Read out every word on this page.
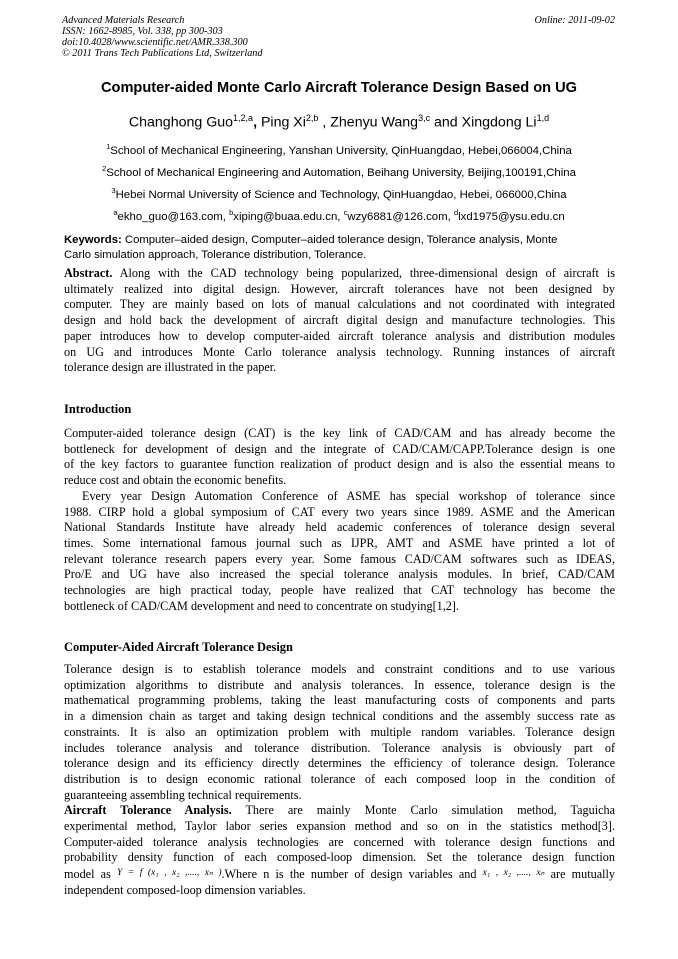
Advanced Materials Research
ISSN: 1662-8985, Vol. 338, pp 300-303
doi:10.4028/www.scientific.net/AMR.338.300
© 2011 Trans Tech Publications Ltd, Switzerland
Online: 2011-09-02
Computer-aided Monte Carlo Aircraft Tolerance Design Based on UG
Changhong Guo$^{1,2,a}$, Ping Xi$^{2,b}$ , Zhenyu Wang$^{3,c}$ and Xingdong Li$^{1,d}$
$^1$School of Mechanical Engineering, Yanshan University, QinHuangdao, Hebei,066004,China
$^2$School of Mechanical Engineering and Automation, Beihang University, Beijing,100191,China
$^3$Hebei Normal University of Science and Technology, QinHuangdao, Hebei, 066000,China
$^a$ekho_guo@163.com, $^b$xiping@buaa.edu.cn, $^c$wzy6881@126.com, $^d$lxd1975@ysu.edu.cn
Keywords: Computer–aided design, Computer–aided tolerance design, Tolerance analysis, Monte
Carlo simulation approach, Tolerance distribution, Tolerance.
Abstract. Along with the CAD technology being popularized, three-dimensional design of aircraft is
ultimately realized into digital design. However, aircraft tolerances have not been designed by
computer. They are mainly based on lots of manual calculations and not coordinated with integrated
design and hold back the development of aircraft digital design and manufacture technologies. This
paper introduces how to develop computer-aided aircraft tolerance analysis and distribution modules
on UG and introduces Monte Carlo tolerance analysis technology. Running instances of aircraft
tolerance design are illustrated in the paper.
Introduction
Computer-aided tolerance design (CAT) is the key link of CAD/CAM and has already become the
bottleneck for development of design and the integrate of CAD/CAM/CAPP.Tolerance design is one
of the key factors to guarantee function realization of product design and is also the essential means to
reduce cost and obtain the economic benefits.
Every year Design Automation Conference of ASME has special workshop of tolerance since
1988. CIRP hold a global symposium of CAT every two years since 1989. ASME and the American
National Standards Institute have already held academic conferences of tolerance design several
times. Some international famous journal such as IJPR, AMT and ASME have printed a lot of
relevant tolerance research papers every year. Some famous CAD/CAM softwares such as IDEAS,
Pro/E and UG have also increased the special tolerance analysis modules. In brief, CAD/CAM
technologies are high practical today, people have realized that CAT technology has become the
bottleneck of CAD/CAM development and need to concentrate on studying[1,2].
Computer-Aided Aircraft Tolerance Design
Tolerance design is to establish tolerance models and constraint conditions and to use various
optimization algorithms to distribute and analysis tolerances. In essence, tolerance design is the
mathematical programming problems, taking the least manufacturing costs of components and parts
in a dimension chain as target and taking design technical conditions and the assembly success rate as
constraints. It is also an optimization problem with multiple random variables. Tolerance design
includes tolerance analysis and tolerance distribution. Tolerance analysis is obviously part of
tolerance design and its efficiency directly determines the efficiency of tolerance design. Tolerance
distribution is to design economic rational tolerance of each composed loop in the condition of
guaranteeing assembling technical requirements.
Aircraft Tolerance Analysis. There are mainly Monte Carlo simulation method, Taguicha
experimental method, Taylor labor series expansion method and so on in the statistics method[3].
Computer-aided tolerance analysis technologies are concerned with tolerance design functions and
probability density function of each composed-loop dimension. Set the tolerance design function
model as $^{Y = f (x_1 , x_2 ,...., x_n )}$.Where n is the number of design variables and $^{x_1 , x_2 ,...., x_n}$ are mutually
independent composed-loop dimension variables.
